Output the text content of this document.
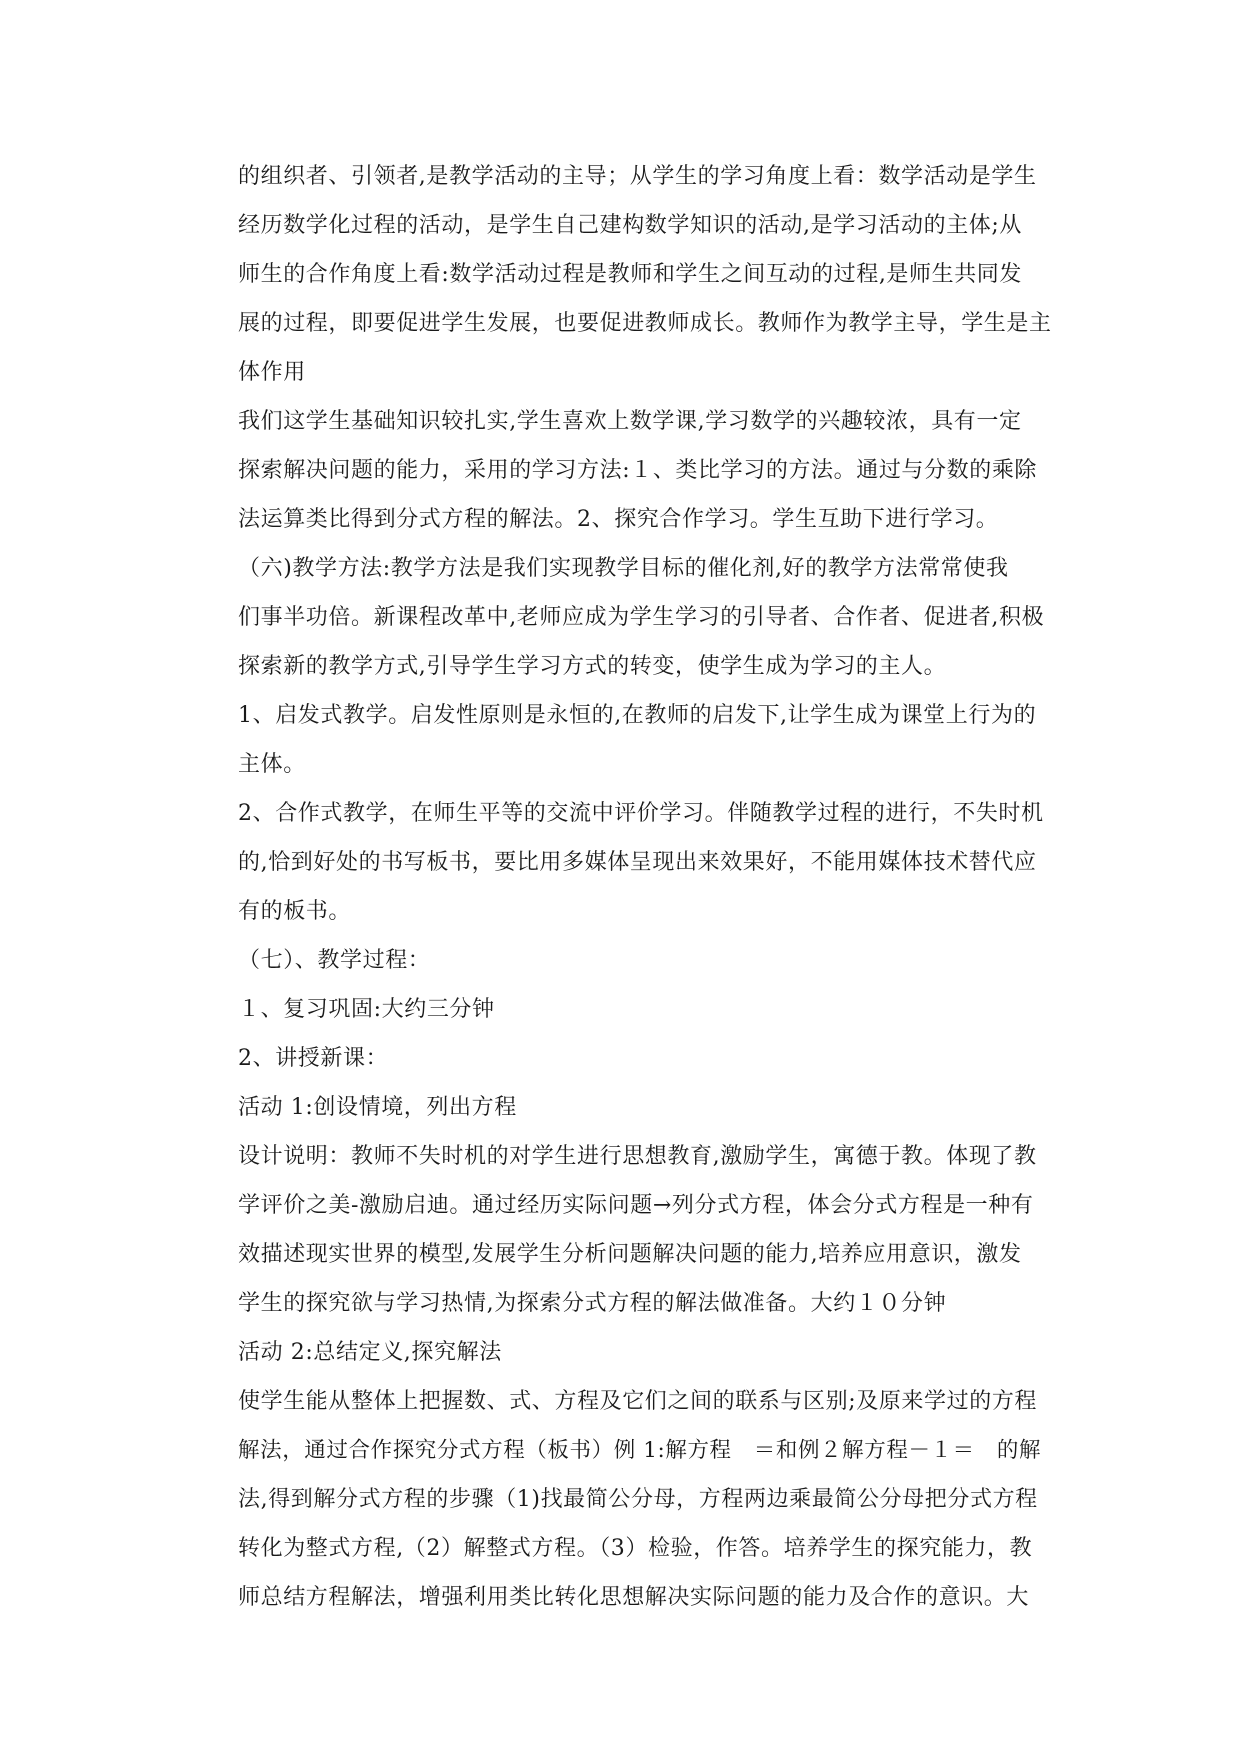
的组织者、引领者,是教学活动的主导；从学生的学习角度上看：数学活动是学生
经历数学化过程的活动，是学生自己建构数学知识的活动,是学习活动的主体;从
师生的合作角度上看:数学活动过程是教师和学生之间互动的过程,是师生共同发
展的过程，即要促进学生发展，也要促进教师成长。教师作为教学主导，学生是主
体作用
我们这学生基础知识较扎实,学生喜欢上数学课,学习数学的兴趣较浓，具有一定
探索解决问题的能力，采用的学习方法:１、类比学习的方法。通过与分数的乘除
法运算类比得到分式方程的解法。2、探究合作学习。学生互助下进行学习。
（六)教学方法:教学方法是我们实现教学目标的催化剂,好的教学方法常常使我
们事半功倍。新课程改革中,老师应成为学生学习的引导者、合作者、促进者,积极
探索新的教学方式,引导学生学习方式的转变，使学生成为学习的主人。
1、启发式教学。启发性原则是永恒的,在教师的启发下,让学生成为课堂上行为的
主体。
2、合作式教学，在师生平等的交流中评价学习。伴随教学过程的进行，不失时机
的,恰到好处的书写板书，要比用多媒体呈现出来效果好，不能用媒体技术替代应
有的板书。
（七）、教学过程：
１、复习巩固:大约三分钟
2、讲授新课：
活动 1:创设情境，列出方程
设计说明：教师不失时机的对学生进行思想教育,激励学生，寓德于教。体现了教
学评价之美-激励启迪。通过经历实际问题→列分式方程，体会分式方程是一种有
效描述现实世界的模型,发展学生分析问题解决问题的能力,培养应用意识，激发
学生的探究欲与学习热情,为探索分式方程的解法做准备。大约１０分钟
活动 2:总结定义,探究解法
使学生能从整体上把握数、式、方程及它们之间的联系与区别;及原来学过的方程
解法，通过合作探究分式方程（板书）例 1:解方程　＝和例２解方程－１＝　的解
法,得到解分式方程的步骤（1)找最简公分母，方程两边乘最简公分母把分式方程
转化为整式方程,（2）解整式方程。（3）检验，作答。培养学生的探究能力，教
师总结方程解法，增强利用类比转化思想解决实际问题的能力及合作的意识。大
